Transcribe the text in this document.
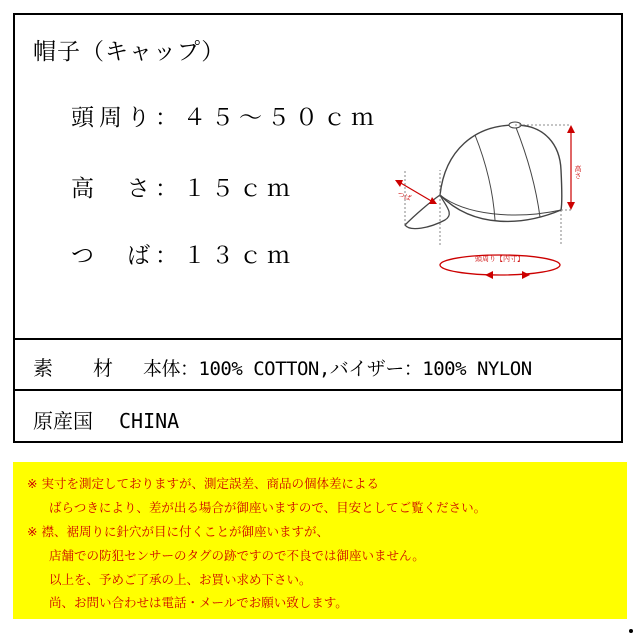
帽子（キャップ）
頭周り：４５～５０ｃｍ
高　さ：１５ｃｍ
つ　ば：１３ｃｍ
高さ
つば
頭周り【内寸】
素　材 本体：100% COTTON,バイザー：100% NYLON
原産国 CHINA
※ 実寸を測定しておりますが、測定誤差、商品の個体差による
ばらつきにより、差が出る場合が御座いますので、目安としてご覧ください。
※ 襟、裾周りに針穴が目に付くことが御座いますが、
店舗での防犯センサーのタグの跡ですので不良では御座いません。
以上を、予めご了承の上、お買い求め下さい。
尚、お問い合わせは電話・メールでお願い致します。
